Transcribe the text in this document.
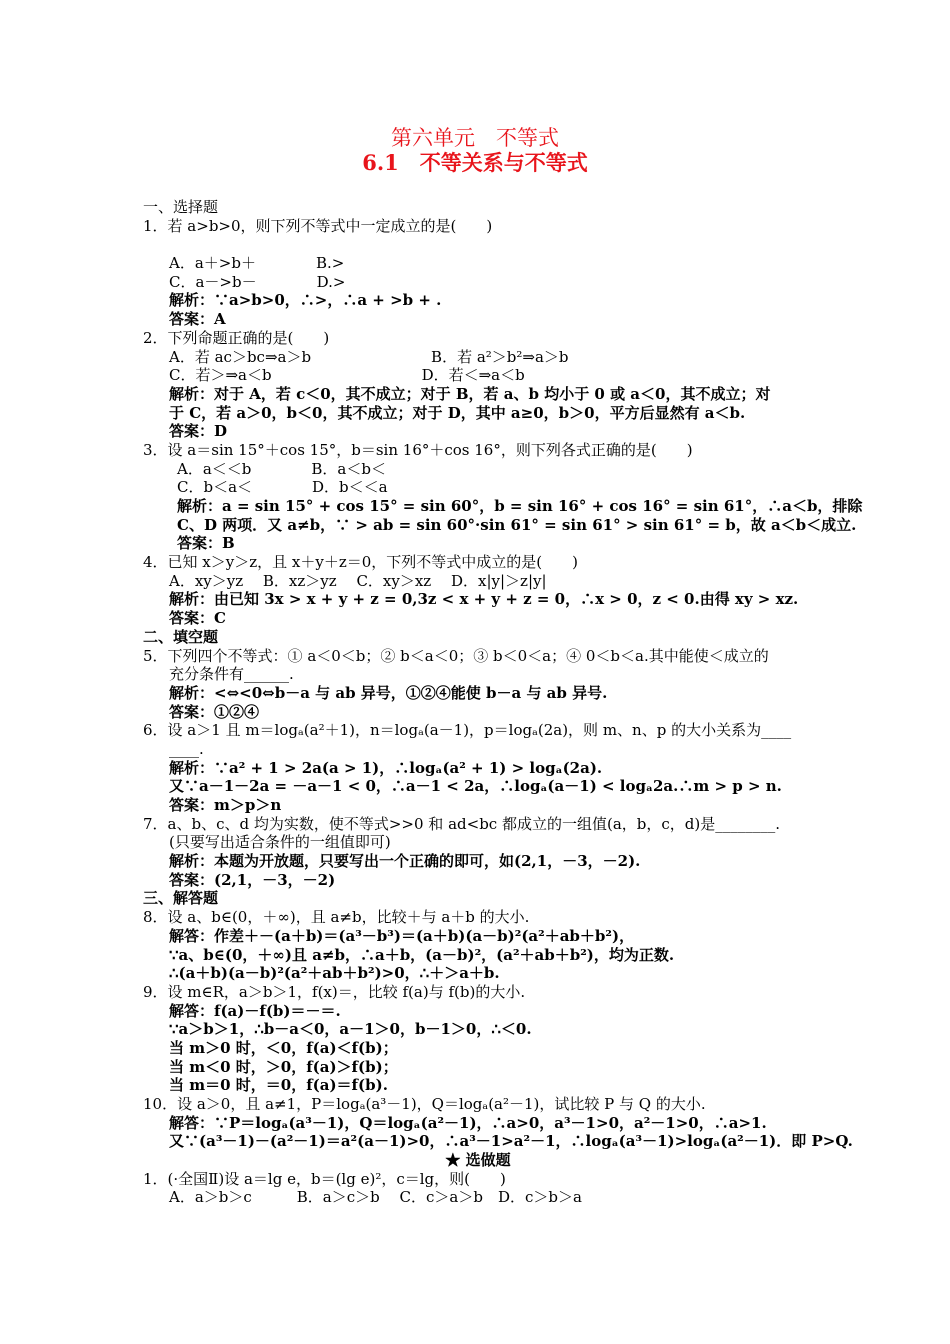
第六单元　不等式
6.1　不等关系与不等式
一、选择题
1．若 a>b>0，则下列不等式中一定成立的是(　　)
A．a＋>b＋　　　　B.>
C．a－>b－　　　　D.>
解析：∵a>b>0，∴>，∴a + >b + .
答案：A
2．下列命题正确的是(　　)
A．若 ac＞bc⇒a＞b　　　　　　　　B．若 a²＞b²⇒a＞b
C．若＞⇒a＜b　　　　　　　　　　D．若＜⇒a＜b
解析：对于 A，若 c＜0，其不成立；对于 B，若 a、b 均小于 0 或 a＜0，其不成立；对
于 C，若 a＞0，b＜0，其不成立；对于 D，其中 a≥0，b＞0，平方后显然有 a＜b.
答案：D
3．设 a＝sin 15°＋cos 15°，b＝sin 16°＋cos 16°，则下列各式正确的是(　　)
A．a＜＜b　　　　B．a＜b＜
C．b＜a＜　　　　D．b＜＜a
解析：a = sin 15° + cos 15° = sin 60°，b = sin 16° + cos 16° = sin 61°，∴a＜b，排除
C、D 两项．又 a≠b，∵ > ab = sin 60°·sin 61° = sin 61° > sin 61° = b，故 a＜b＜成立.
答案：B
4．已知 x＞y＞z，且 x＋y＋z＝0，下列不等式中成立的是(　　)
A．xy＞yz　 B．xz＞yz　 C．xy＞xz　 D．x|y|＞z|y|
解析：由已知 3x > x + y + z = 0,3z < x + y + z = 0，∴x > 0，z < 0.由得 xy > xz.
答案：C
二、填空题
5．下列四个不等式：① a＜0＜b；② b＜a＜0；③ b＜0＜a；④ 0＜b＜a.其中能使＜成立的
充分条件有______.
解析：<⇔<0⇔b－a 与 ab 异号，①②④能使 b－a 与 ab 异号.
答案：①②④
6．设 a＞1 且 m＝logₐ(a²＋1)，n＝logₐ(a－1)，p＝logₐ(2a)，则 m、n、p 的大小关系为____
____.
解析：∵a² + 1 > 2a(a > 1)，∴logₐ(a² + 1) > logₐ(2a).
又∵a－1－2a = －a－1 < 0，∴a－1 < 2a，∴logₐ(a－1) < logₐ2a.∴m > p > n.
答案：m＞p＞n
7．a、b、c、d 均为实数，使不等式>>0 和 ad<bc 都成立的一组值(a，b，c，d)是________.
(只要写出适合条件的一组值即可)
解析：本题为开放题，只要写出一个正确的即可，如(2,1，－3，－2).
答案：(2,1，－3，－2)
三、解答题
8．设 a、b∈(0，＋∞)，且 a≠b，比较＋与 a＋b 的大小.
解答：作差＋－(a＋b)＝(a³－b³)＝(a＋b)(a－b)²(a²＋ab＋b²)，
∵a、b∈(0，＋∞)且 a≠b，∴a＋b，(a－b)²，(a²＋ab＋b²)，均为正数.
∴(a＋b)(a－b)²(a²＋ab＋b²)>0，∴＋＞a＋b.
9．设 m∈R，a＞b＞1，f(x)＝，比较 f(a)与 f(b)的大小.
解答：f(a)－f(b)＝－＝.
∵a＞b＞1，∴b－a＜0，a－1＞0，b－1＞0，∴＜0.
当 m＞0 时，＜0，f(a)＜f(b)；
当 m＜0 时，＞0，f(a)＞f(b)；
当 m＝0 时，＝0，f(a)＝f(b).
10．设 a＞0，且 a≠1，P＝logₐ(a³－1)，Q＝logₐ(a²－1)，试比较 P 与 Q 的大小.
解答：∵P＝logₐ(a³－1)，Q＝logₐ(a²－1)，∴a>0，a³－1>0，a²－1>0，∴a>1.
又∵(a³－1)－(a²－1)＝a²(a－1)>0，∴a³－1>a²－1，∴logₐ(a³－1)>logₐ(a²－1)．即 P>Q.
★ 选做题
1．(·全国Ⅱ)设 a＝lg e，b＝(lg e)²，c＝lg，则(　　)
A．a＞b＞c　　　B．a＞c＞b　 C．c＞a＞b　D．c＞b＞a
